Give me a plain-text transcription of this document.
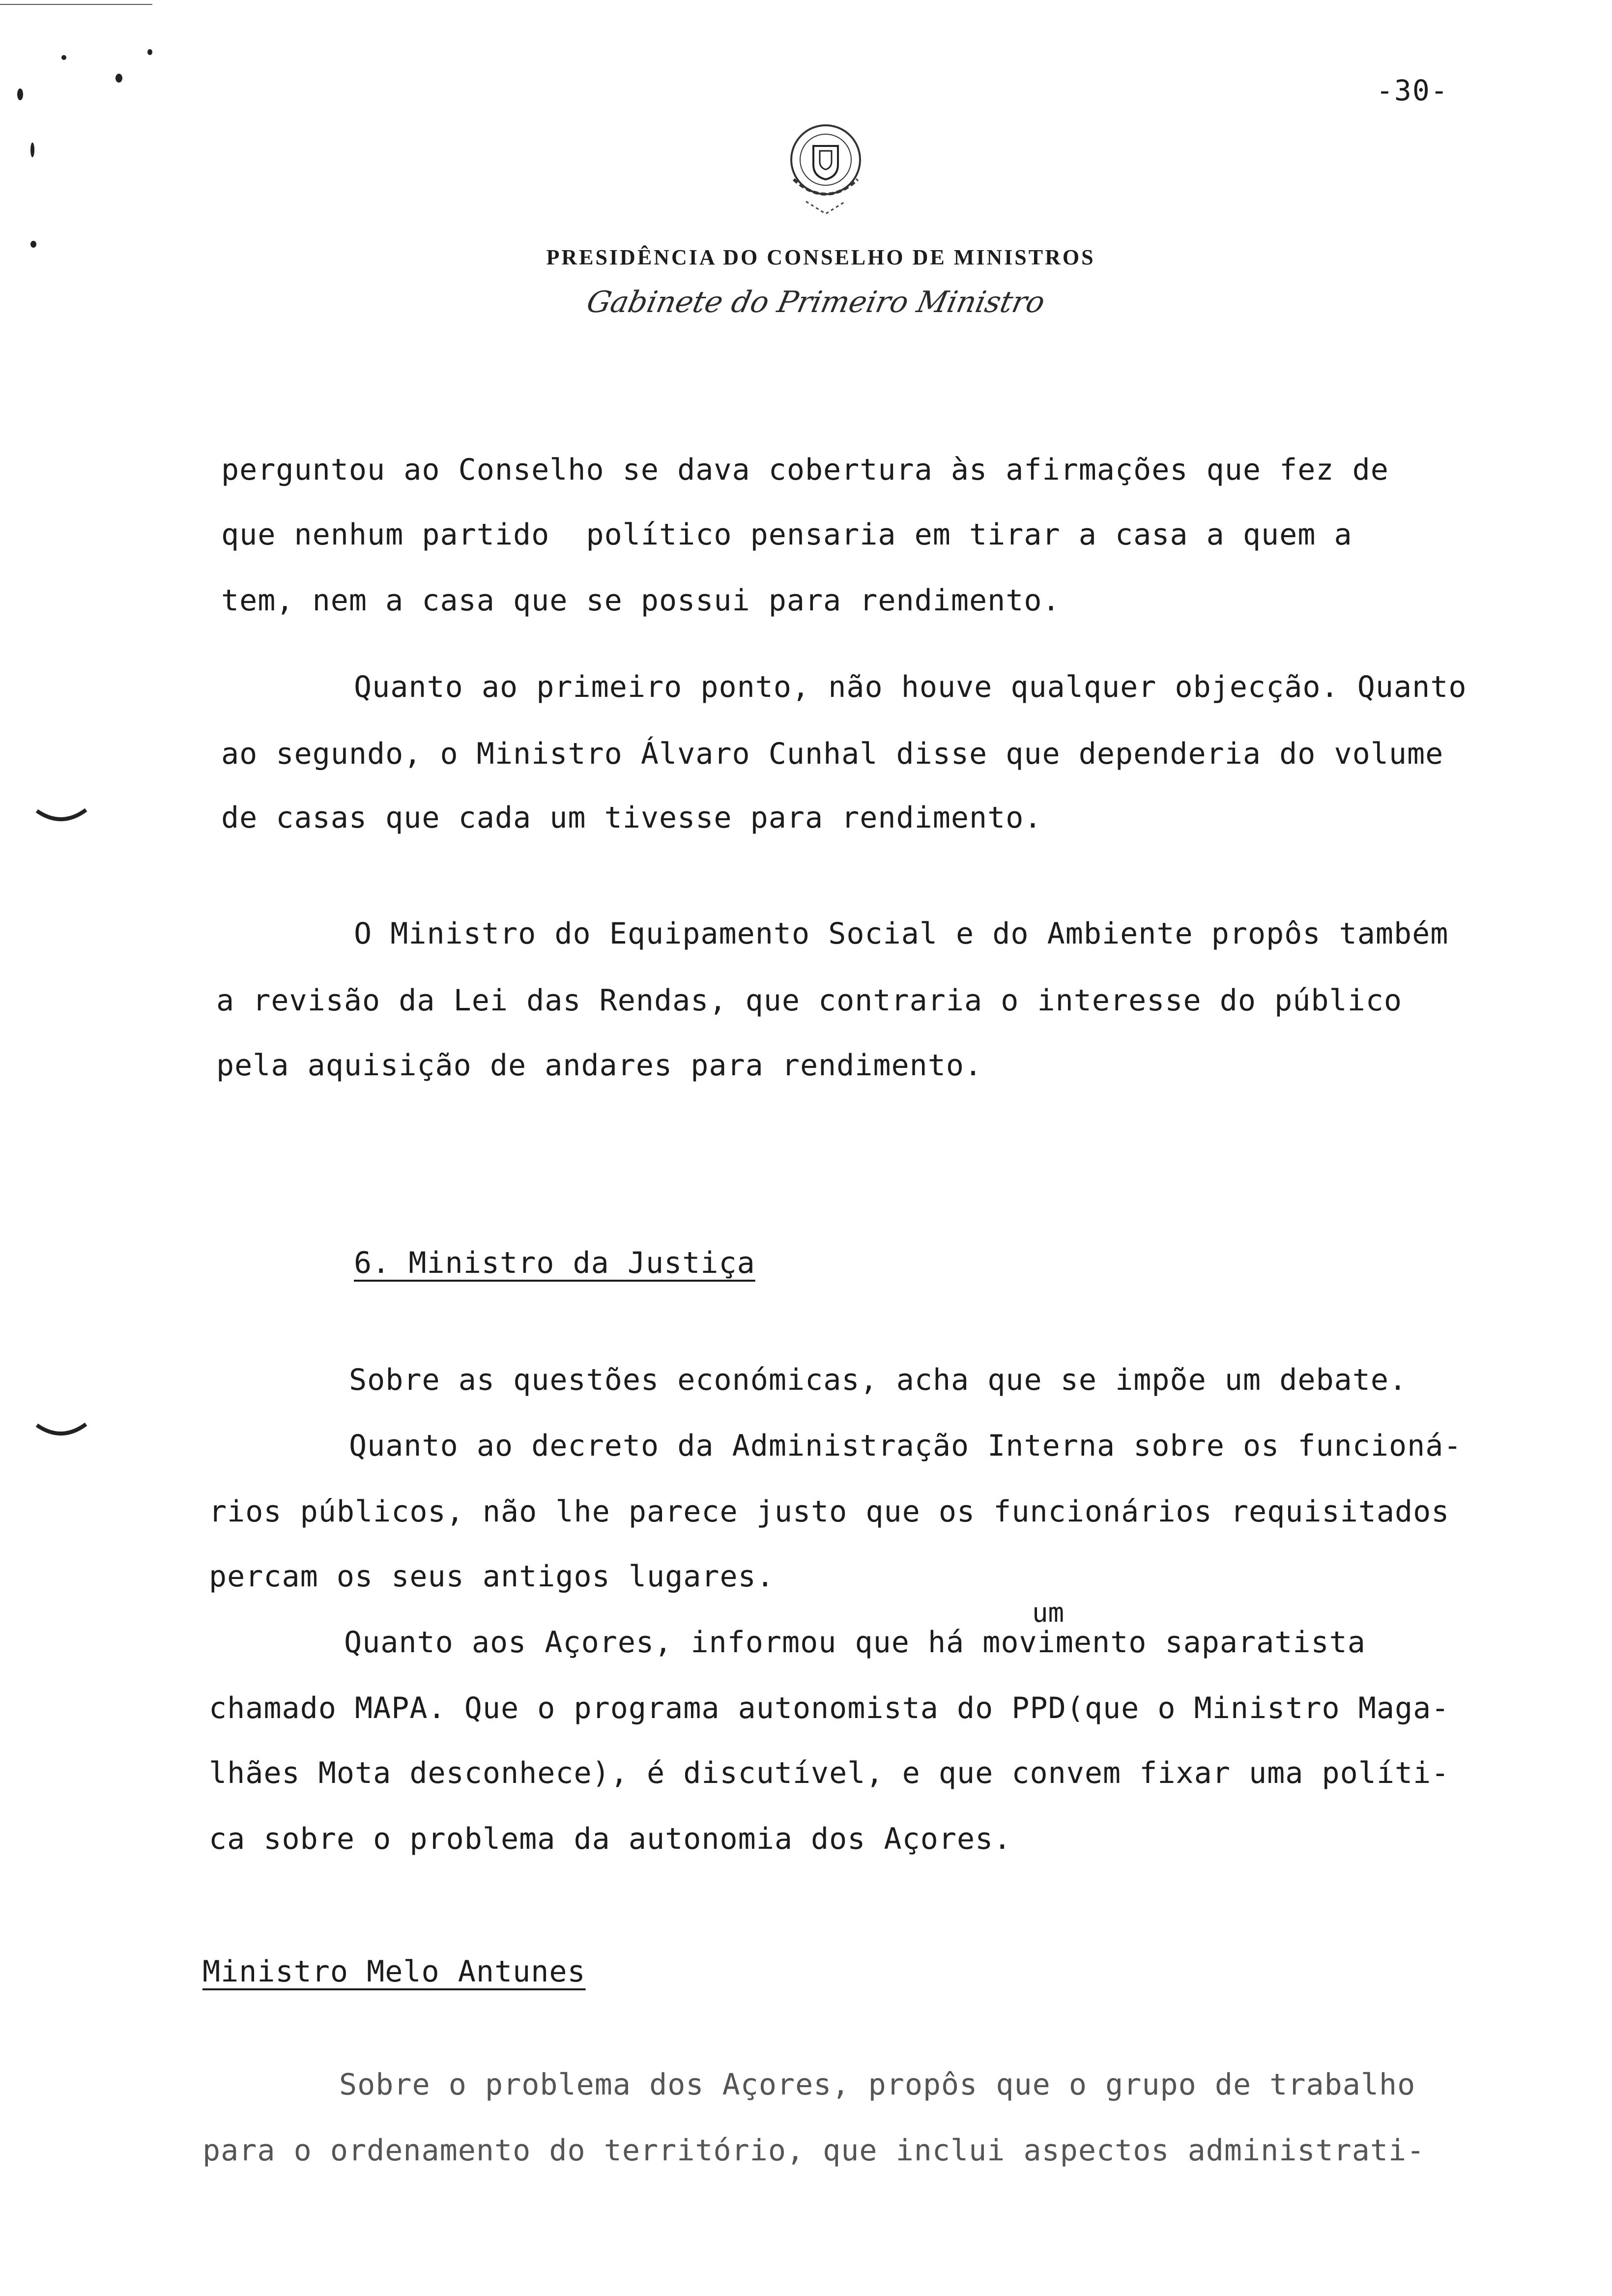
-30-
PRESIDÊNCIA DO CONSELHO DE MINISTROS
Gabinete do Primeiro Ministro
perguntou ao Conselho se dava cobertura às afirmações que fez de
que nenhum partido  político pensaria em tirar a casa a quem a
tem, nem a casa que se possui para rendimento.
Quanto ao primeiro ponto, não houve qualquer objecção. Quanto
ao segundo, o Ministro Álvaro Cunhal disse que dependeria do volume
de casas que cada um tivesse para rendimento.
O Ministro do Equipamento Social e do Ambiente propôs também
a revisão da Lei das Rendas, que contraria o interesse do público
pela aquisição de andares para rendimento.
6. Ministro da Justiça
Sobre as questões económicas, acha que se impõe um debate.
Quanto ao decreto da Administração Interna sobre os funcioná-
rios públicos, não lhe parece justo que os funcionários requisitados
percam os seus antigos lugares.
um
Quanto aos Açores, informou que há movimento saparatista
chamado MAPA. Que o programa autonomista do PPD(que o Ministro Maga-
lhães Mota desconhece), é discutível, e que convem fixar uma políti-
ca sobre o problema da autonomia dos Açores.
Ministro Melo Antunes
Sobre o problema dos Açores, propôs que o grupo de trabalho
para o ordenamento do território, que inclui aspectos administrati-
